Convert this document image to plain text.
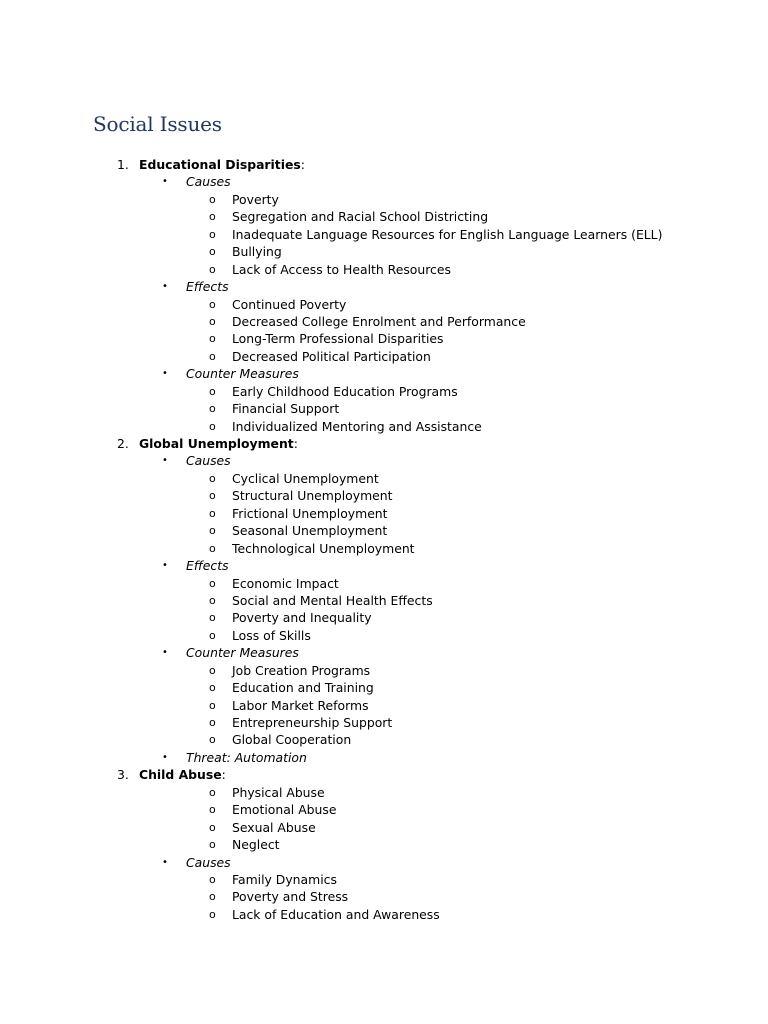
Social Issues
1. Educational Disparities:
• Causes
o Poverty
o Segregation and Racial School Districting
o Inadequate Language Resources for English Language Learners (ELL)
o Bullying
o Lack of Access to Health Resources
• Effects
o Continued Poverty
o Decreased College Enrolment and Performance
o Long-Term Professional Disparities
o Decreased Political Participation
• Counter Measures
o Early Childhood Education Programs
o Financial Support
o Individualized Mentoring and Assistance
2. Global Unemployment:
• Causes
o Cyclical Unemployment
o Structural Unemployment
o Frictional Unemployment
o Seasonal Unemployment
o Technological Unemployment
• Effects
o Economic Impact
o Social and Mental Health Effects
o Poverty and Inequality
o Loss of Skills
• Counter Measures
o Job Creation Programs
o Education and Training
o Labor Market Reforms
o Entrepreneurship Support
o Global Cooperation
• Threat: Automation
3. Child Abuse:
o Physical Abuse
o Emotional Abuse
o Sexual Abuse
o Neglect
• Causes
o Family Dynamics
o Poverty and Stress
o Lack of Education and Awareness
